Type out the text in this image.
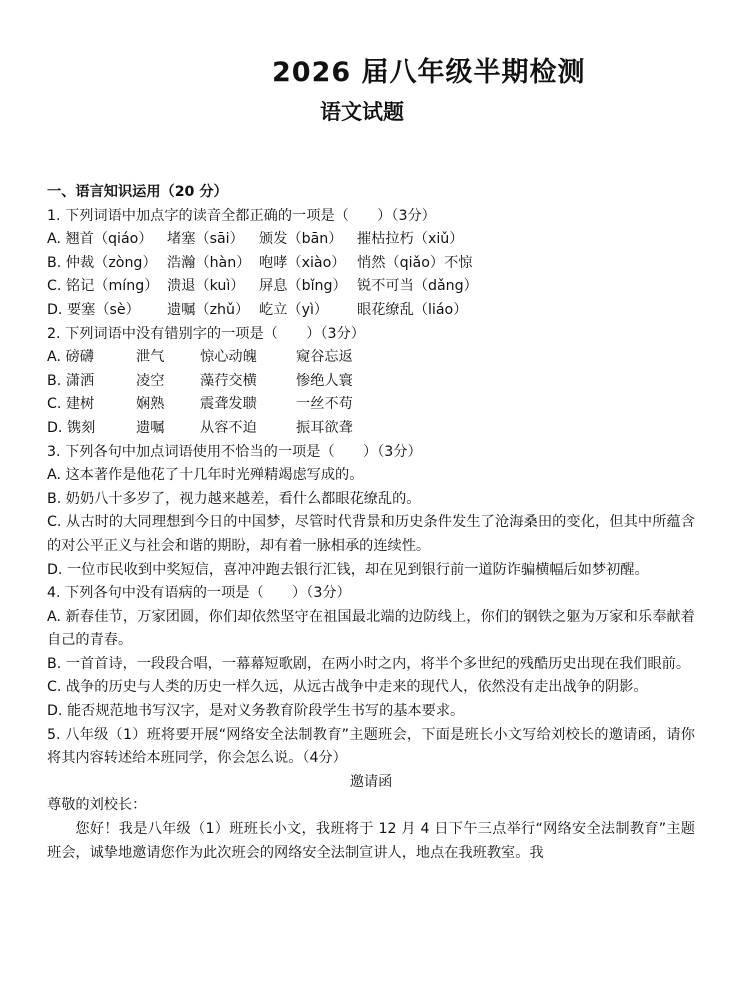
2026 届八年级半期检测
语文试题
一、语言知识运用（20 分）
1. 下列词语中加点字的读音全都正确的一项是（　　）（3分）
A. 翘首（qiáo）	堵塞（sāi）	颁发（bān）	摧枯拉朽（xiǔ）
B. 仲裁（zòng） 浩瀚（hàn） 咆哮（xiào） 悄然（qiǎo）不惊
C. 铭记（míng） 溃退（kuì）	屏息（bǐng） 锐不可当（dǎng）
D. 要塞（sè）	遗嘱（zhǔ） 屹立（yì）	眼花缭乱（liáo）
2. 下列词语中没有错别字的一项是（　　）（3分）
A. 磅礴	泄气	惊心动魄	窥谷忘返
B. 潇洒	凌空	藻荇交横	惨绝人寰
C. 建树	娴熟	震聋发聩	一丝不苟
D. 镌刻	遗嘱	从容不迫	振耳欲聋
3. 下列各句中加点词语使用不恰当的一项是（　　）（3分）
A. 这本著作是他花了十几年时光殚精竭虑写成的。
B. 奶奶八十多岁了，视力越来越差，看什么都眼花缭乱的。
C. 从古时的大同理想到今日的中国梦，尽管时代背景和历史条件发生了沧海桑田的变化，但其中所蕴含的对公平正义与社会和谐的期盼，却有着一脉相承的连续性。
D. 一位市民收到中奖短信，喜冲冲跑去银行汇钱，却在见到银行前一道防诈骗横幅后如梦初醒。
4. 下列各句中没有语病的一项是（　　）（3分）
A. 新春佳节，万家团圆，你们却依然坚守在祖国最北端的边防线上，你们的钢铁之躯为万家和乐奉献着自己的青春。
B. 一首首诗，一段段合唱，一幕幕短歌剧，在两小时之内，将半个多世纪的残酷历史出现在我们眼前。
C. 战争的历史与人类的历史一样久远，从远古战争中走来的现代人，依然没有走出战争的阴影。
D. 能否规范地书写汉字，是对义务教育阶段学生书写的基本要求。
5. 八年级（1）班将要开展“网络安全法制教育”主题班会，下面是班长小文写给刘校长的邀请函，请你将其内容转述给本班同学，你会怎么说。（4分）
邀请函
尊敬的刘校长：
您好！我是八年级（1）班班长小文，我班将于 12 月 4 日下午三点举行“网络安全法制教育”主题班会，诚挚地邀请您作为此次班会的网络安全法制宣讲人，地点在我班教室。我
